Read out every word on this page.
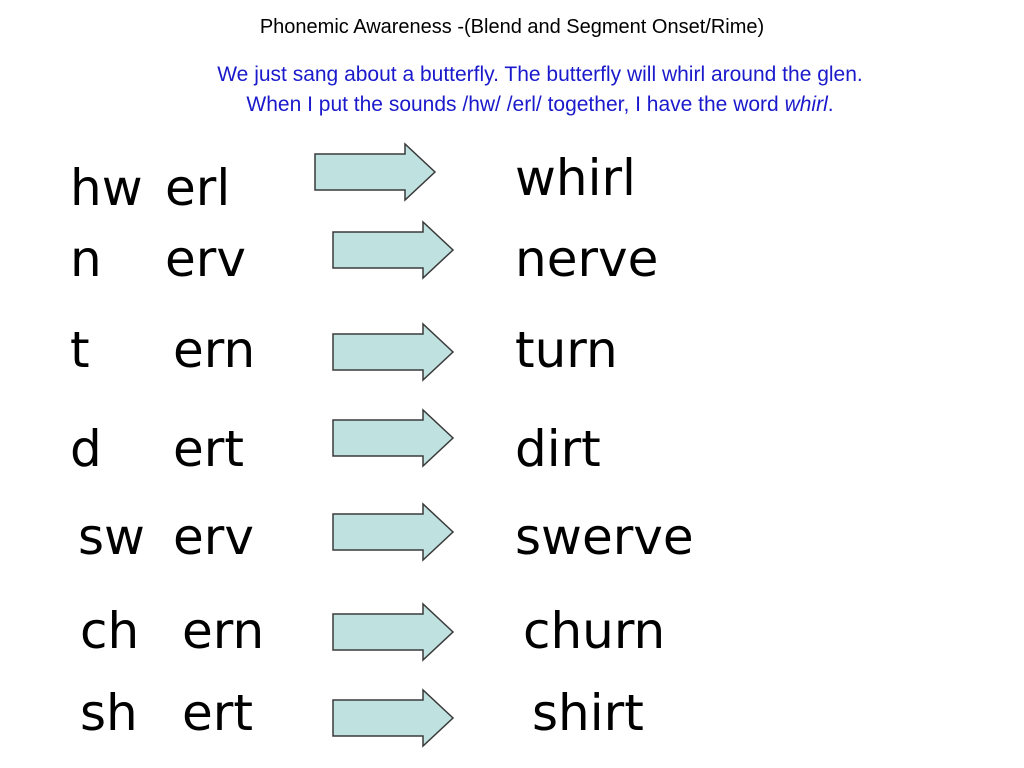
Phonemic Awareness -(Blend and Segment Onset/Rime)
We just sang about a butterfly. The butterfly will whirl around the glen.
When I put the sounds /hw/ /erl/ together, I have the word whirl.
hw erl	whirl
n erv	nerve
t ern	turn
d ert	dirt
sw erv	swerve
ch ern	churn
sh ert	shirt
